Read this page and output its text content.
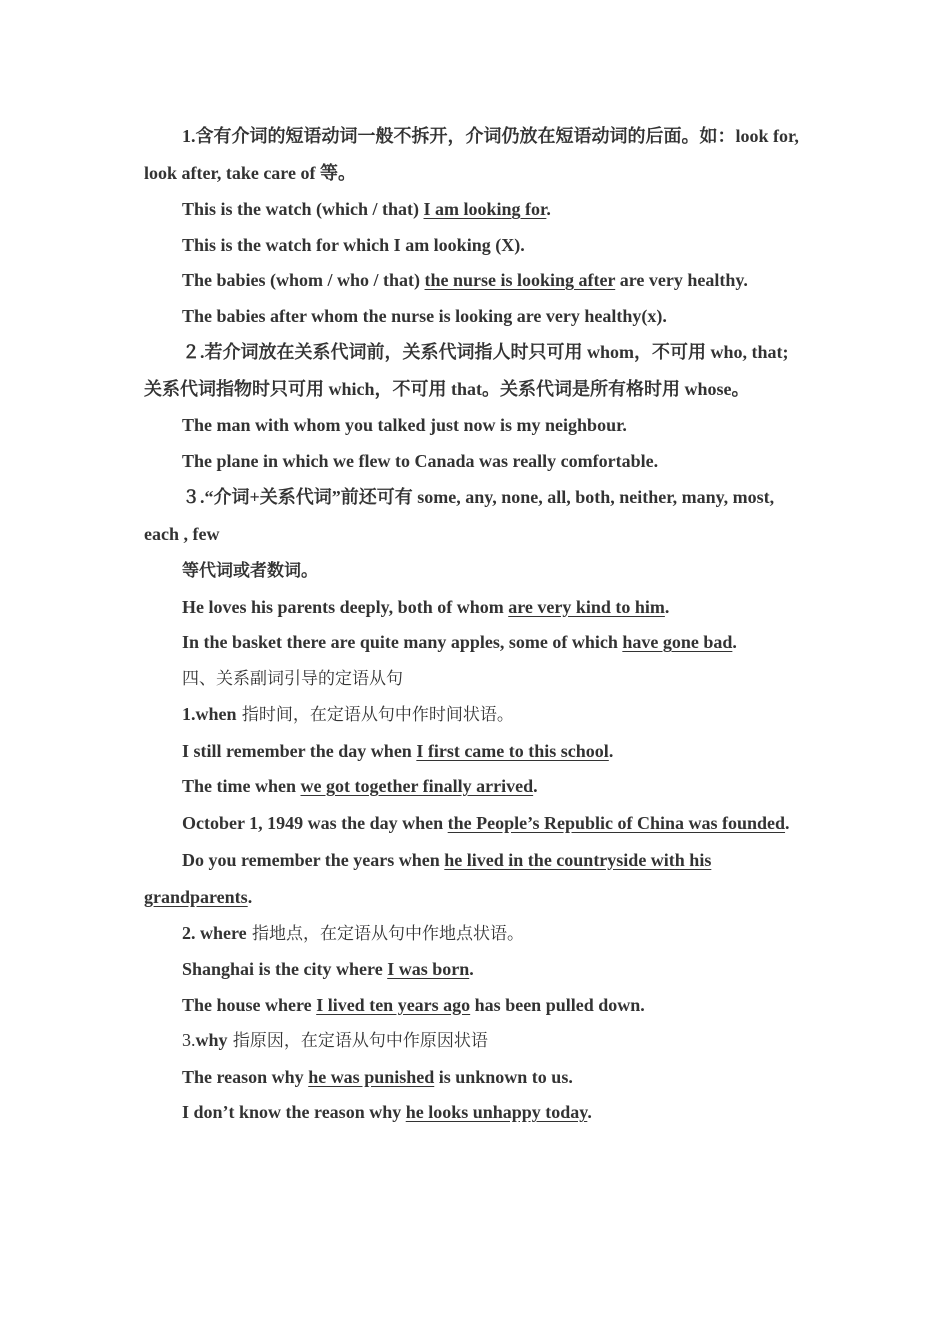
1.含有介词的短语动词一般不拆开，介词仍放在短语动词的后面。如：look for, look after, take care of 等。

This is the watch (which / that) I am looking for.

This is the watch for which I am looking (X).

The babies (whom / who / that) the nurse is looking after are very healthy.

The babies after whom the nurse is looking are very healthy(x).

２.若介词放在关系代词前，关系代词指人时只可用 whom，不可用 who, that; 关系代词指物时只可用 which，不可用 that。关系代词是所有格时用 whose。

The man with whom you talked just now is my neighbour.

The plane in which we flew to Canada was really comfortable.

３.“介词+关系代词”前还可有 some, any, none, all, both, neither, many, most, each , few

等代词或者数词。

He loves his parents deeply, both of whom are very kind to him.

In the basket there are quite many apples, some of which have gone bad.

四、关系副词引导的定语从句

1.when 指时间，在定语从句中作时间状语。

I still remember the day when I first came to this school.

The time when we got together finally arrived.

October 1, 1949 was the day when the People’s Republic of China was founded.

Do you remember the years when he lived in the countryside with his grandparents.

2. where 指地点，在定语从句中作地点状语。

Shanghai is the city where I was born.

The house where I lived ten years ago has been pulled down.

3.why 指原因，在定语从句中作原因状语

The reason why he was punished is unknown to us.

I don’t know the reason why he looks unhappy today.
